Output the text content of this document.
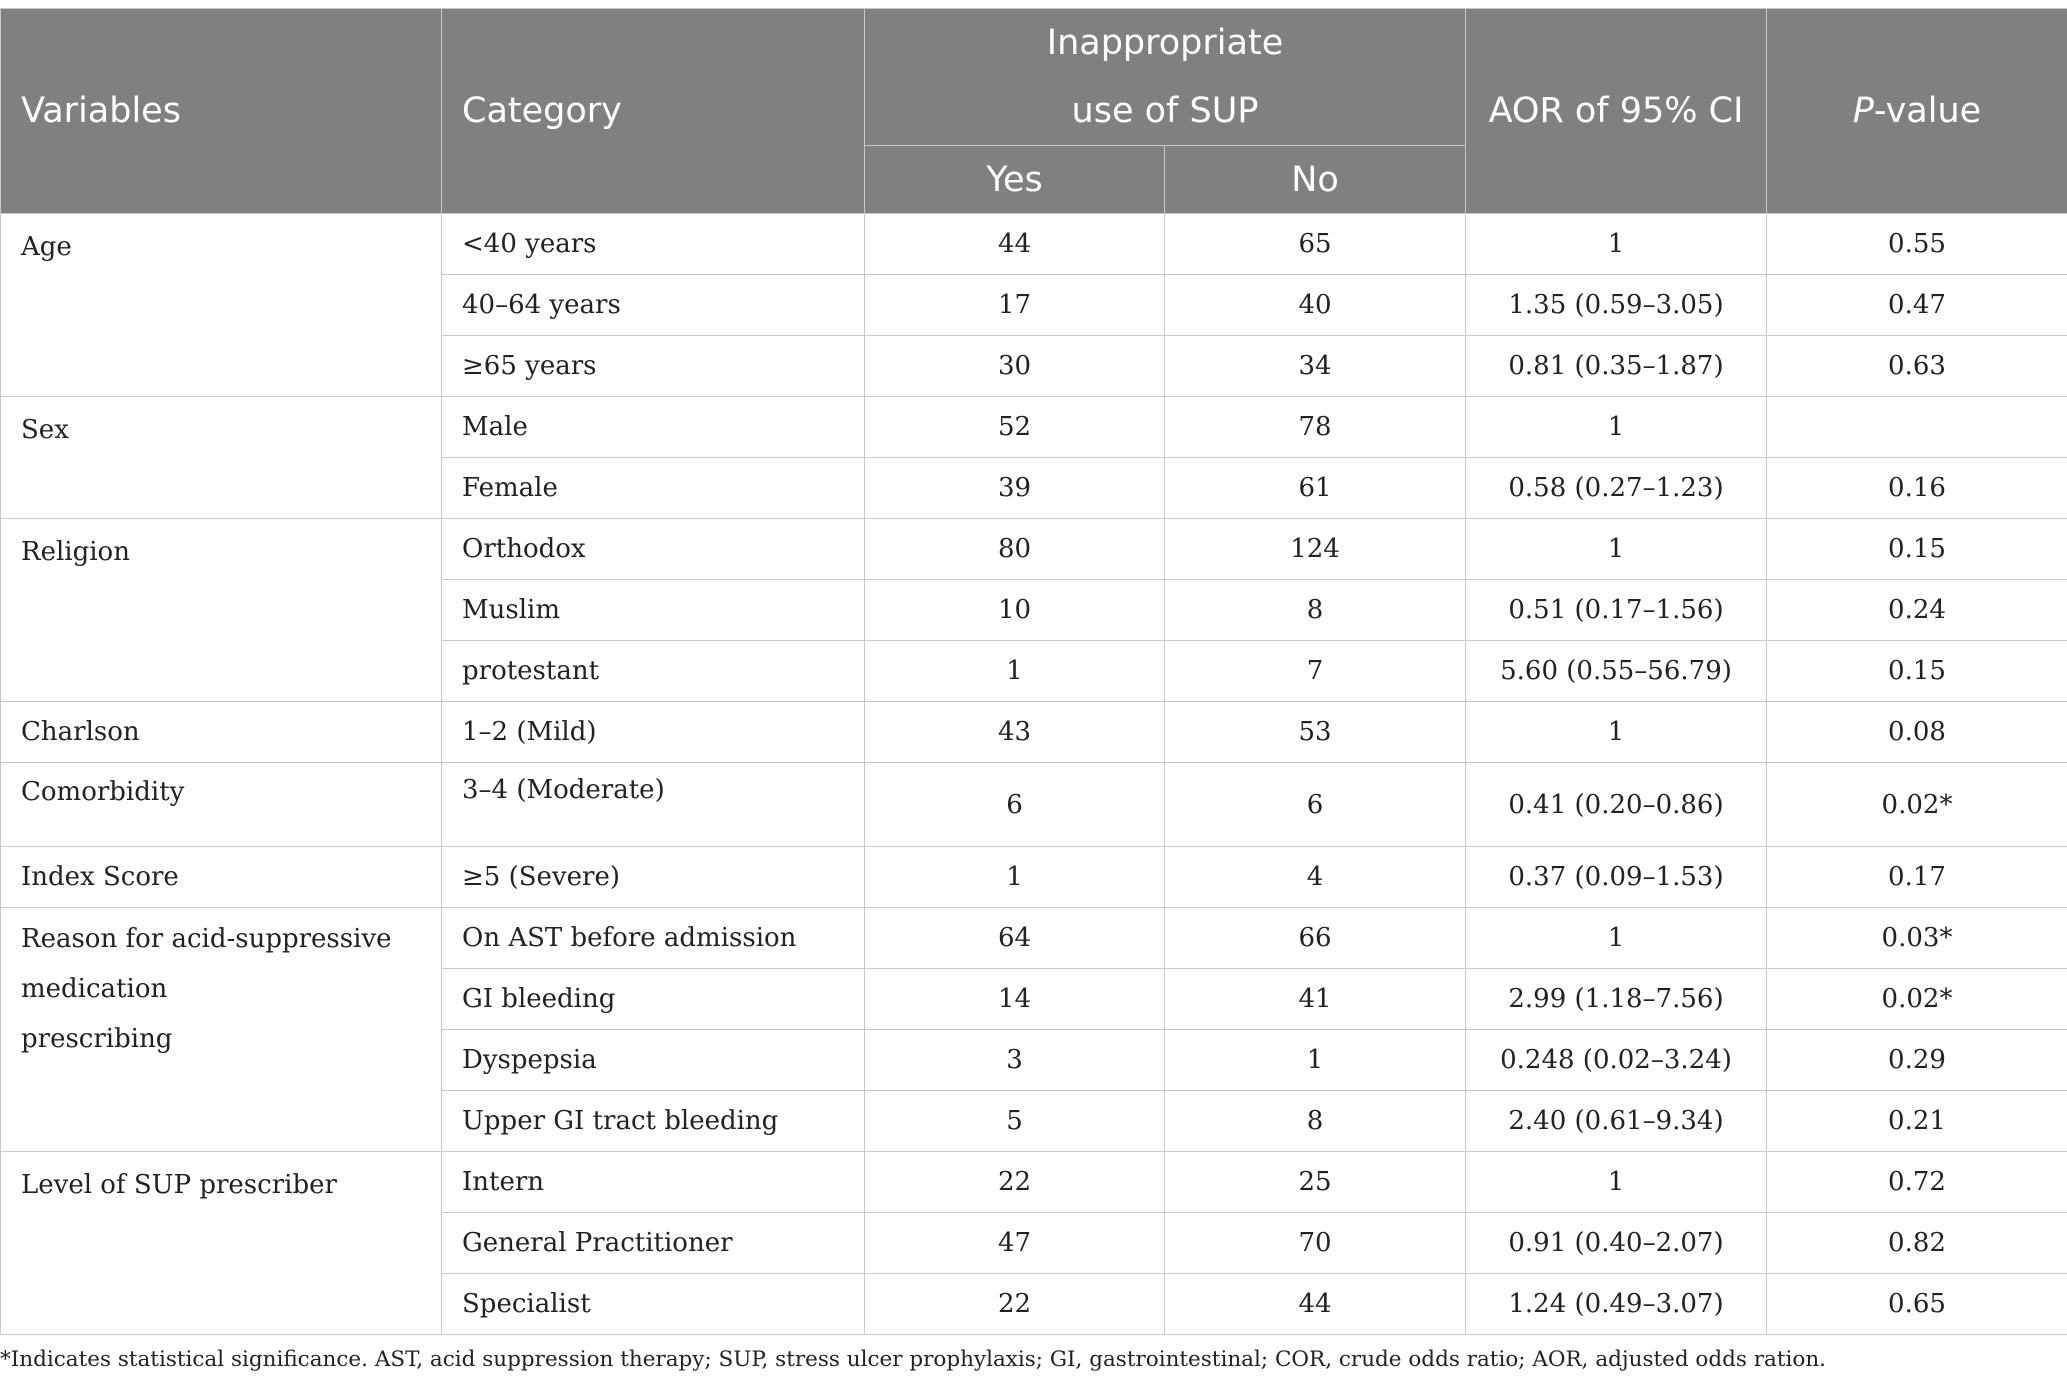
Variables	Category	Inappropriate
use of SUP		AOR of 95% CI	P-value
		Yes	No		
Age	<40 years	44	65	1	0.55
	40–64 years	17	40	1.35 (0.59–3.05)	0.47
	≥65 years	30	34	0.81 (0.35–1.87)	0.63
Sex	Male	52	78	1	
	Female	39	61	0.58 (0.27–1.23)	0.16
Religion	Orthodox	80	124	1	0.15
	Muslim	10	8	0.51 (0.17–1.56)	0.24
	protestant	1	7	5.60 (0.55–56.79)	0.15
Charlson	1–2 (Mild)	43	53	1	0.08
Comorbidity	3–4 (Moderate)	6	6	0.41 (0.20–0.86)	0.02*
Index Score	≥5 (Severe)	1	4	0.37 (0.09–1.53)	0.17

Reason for acid-suppressive
medication
prescribing	On AST before admission	64	66	1	0.03*
	GI bleeding	14	41	2.99 (1.18–7.56)	0.02*
	Dyspepsia	3	1	0.248 (0.02–3.24)	0.29
	Upper GI tract bleeding	5	8	2.40 (0.61–9.34)	0.21
Level of SUP prescriber	Intern	22	25	1	0.72
	General Practitioner	47	70	0.91 (0.40–2.07)	0.82
	Specialist	22	44	1.24 (0.49–3.07)	0.65
*Indicates statistical significance. AST, acid suppression therapy; SUP, stress ulcer prophylaxis; GI, gastrointestinal; COR, crude odds ratio; AOR, adjusted odds ration.
